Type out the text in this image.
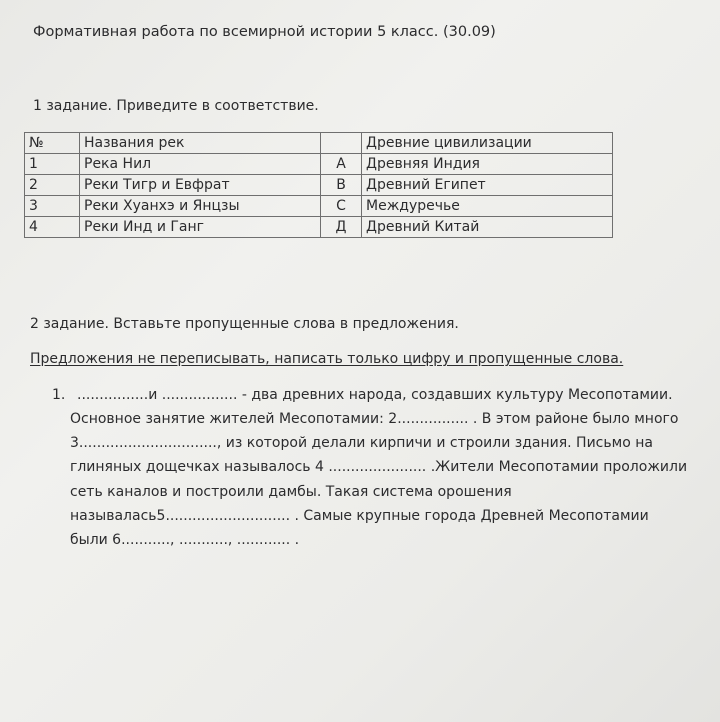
Формативная работа по всемирной истории 5 класс. (30.09)
1 задание. Приведите в соответствие.
№	Названия рек		Древние цивилизации
1	Река Нил	A	Древняя Индия
2	Реки Тигр и Евфрат	B	Древний Египет
3	Реки Хуанхэ и Янцзы	C	Междуречье
4	Реки Инд и Ганг	Д	Древний Китай
2 задание. Вставьте пропущенные слова в предложения.
Предложения не переписывать, написать только цифру и пропущенные слова.
1. ................и ................. - два древних народа, создавших культуру Месопотамии.
Основное занятие жителей Месопотамии: 2................ . В этом районе было много
3..............................., из которой делали кирпичи и строили здания. Письмо на
глиняных дощечках называлось 4 ...................... .Жители Месопотамии проложили
сеть каналов и построили дамбы. Такая система орошения
называлась5............................ . Самые крупные города Древней Месопотамии
были 6..........., ..........., ............ .
